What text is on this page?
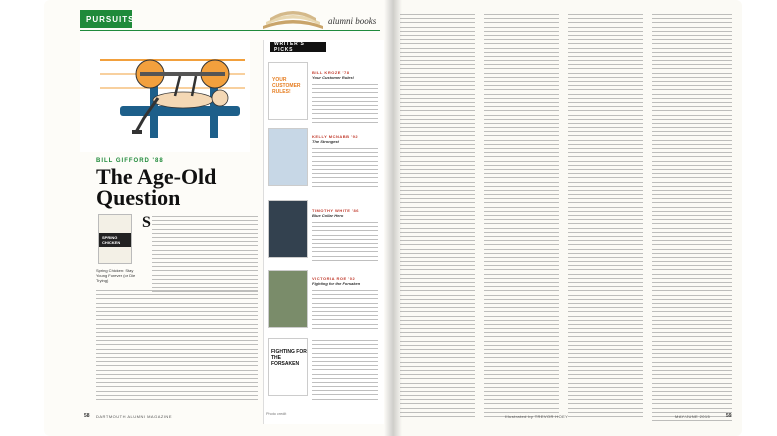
PURSUITS	alumni books
BILL GIFFORD '88
The Age-Old Question
SPRING CHICKEN
Spring Chicken: Stay Young Forever (or Die Trying)
S
58 DARTMOUTH ALUMNI MAGAZINE
WRITER'S PICKS
YOUR CUSTOMER RULES!
BILL KROZE '78
Your Customer Rules!
KELLY MCNABB '92
The Strongest
TIMOTHY WHITE '86
Blue Collar Hero
VICTORIA ROE '02
Fighting for the Forsaken
FIGHTING FOR THE FORSAKEN
Photo credit	Illustrated by TREVOR HOEY	MAY/JUNE 2015	59
